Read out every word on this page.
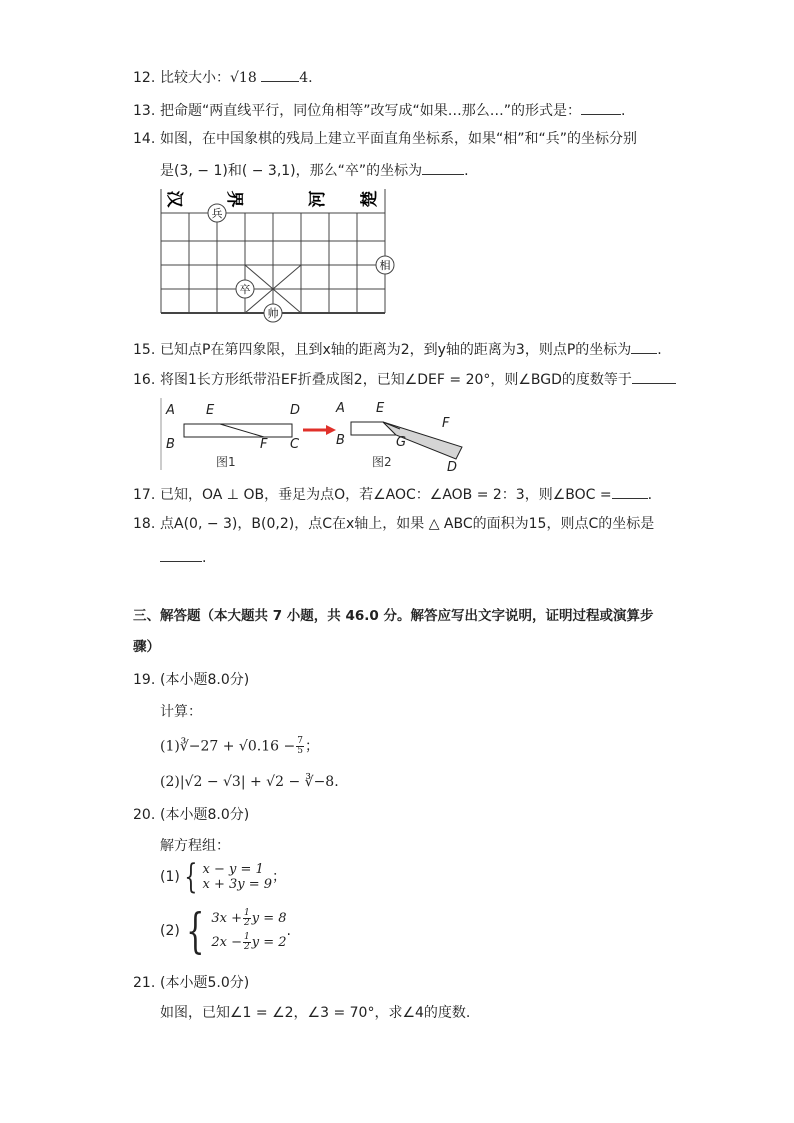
12. 比较大小：√18	4.
13. 把命题“两直线平行，同位角相等”改写成“如果…那么…”的形式是：	.
14. 如图，在中国象棋的残局上建立平面直角坐标系，如果“相”和“兵”的坐标分别
是(3, − 1)和( − 3,1)，那么“卒”的坐标为	.
汉 界	河 楚
兵
相
卒
帅
15. 已知点P在第四象限，且到x轴的距离为2，到y轴的距离为3，则点P的坐标为 .
16. 将图1长方形纸带沿EF折叠成图2，已知∠DEF = 20°，则∠BGD的度数等于
A E	D
B	F C
图1
A E
F
B	G
D
图2
17. 已知，OA ⊥ OB，垂足为点O，若∠AOC：∠AOB = 2：3，则∠BOC =	.
18. 点A(0, − 3)，B(0,2)，点C在x轴上，如果 △ ABC的面积为15，则点C的坐标是
.
三、解答题（本大题共 7 小题，共 46.0 分。解答应写出文字说明，证明过程或演算步
骤）
19. (本小题8.0分)
计算：
(1)∛−27 + $√0.16 - \frac{7}{5}$ ；
(2)|√2 − √3| + √2 − ∛−8.
20. (本小题8.0分)
解方程组：
(1) { x − y = 1
x + 3y = 9 ；
(2) { $3x + \frac{1}{2}$ y = 8
$2x - \frac{1}{2}$ y = 2
.
21. (本小题5.0分)
如图，已知∠1 = ∠2，∠3 = 70°，求∠4的度数.
